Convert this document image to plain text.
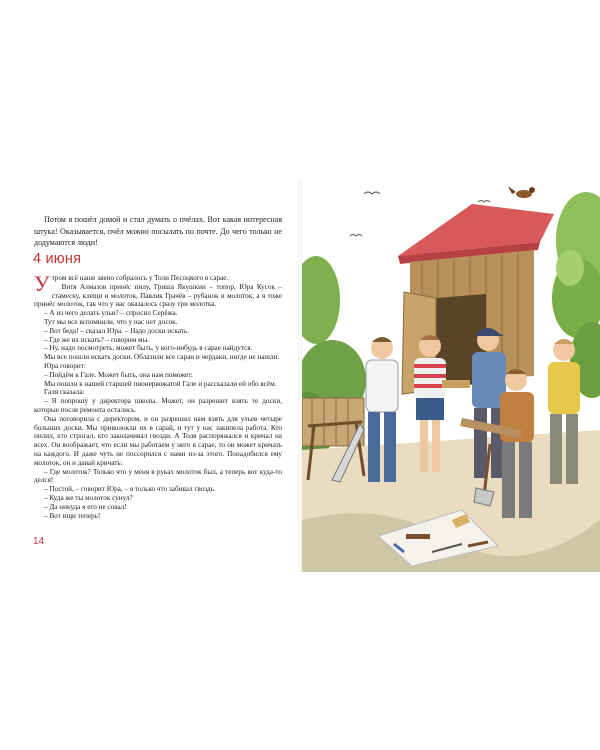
Потом я пошёл домой и стал думать о пчёлах. Вот какая интересная штука! Оказывается, пчёл можно посылать по почте. До чего только не додумаются люди!
4 июня

Утром всё наше звено собралось у Толи Песоцкого в сарае.

Витя Алмазов принёс пилу, Гриша Якушкин – топор, Юра Кусок – стамеску, клещи и молоток, Павлик Грачёв – рубанок и молоток, а я тоже принёс молоток, так что у нас оказалось сразу три молотка.

– А из чего делать ульи? – спросил Серёжа.

Тут мы все вспомнили, что у нас нет досок.

– Вот беда! – сказал Юра. – Надо доски искать.

– Где же их искать? – говорим мы.

– Ну, надо посмотреть, может быть, у кого-нибудь в сарае найдутся.

Мы все пошли искать доски. Облазили все сараи и чердаки, нигде не нашли.

Юра говорит:

– Пойдём к Гале. Может быть, она нам поможет.

Мы пошли к нашей старшей пионервожатой Гале и рассказали ей обо всём.

Галя сказала:

– Я попрошу у директора школы. Может, он разрешит взять те доски, которые после ремонта остались.

Она поговорила с директором, и он разрешил нам взять для ульев четыре больших доски. Мы приволокли их в сарай, и тут у нас закипела работа. Кто пилил, кто строгал, кто заколачивал гвозди. А Толя распоряжался и кричал на всех. Он воображает, что если мы работаем у него в сарае, то он может кричать на каждого. И даже чуть не поссорился с нами из-за этого. Понадобился ему молоток, он и давай кричать:

– Где молоток? Только что у меня в руках молоток был, а теперь вот куда-то делся!

– Постой, – говорит Юра, – я только что забивал гвоздь.

– Куда же ты молоток сунул?

– Да никуда я его не совал!

– Вот ищи теперь!

14
